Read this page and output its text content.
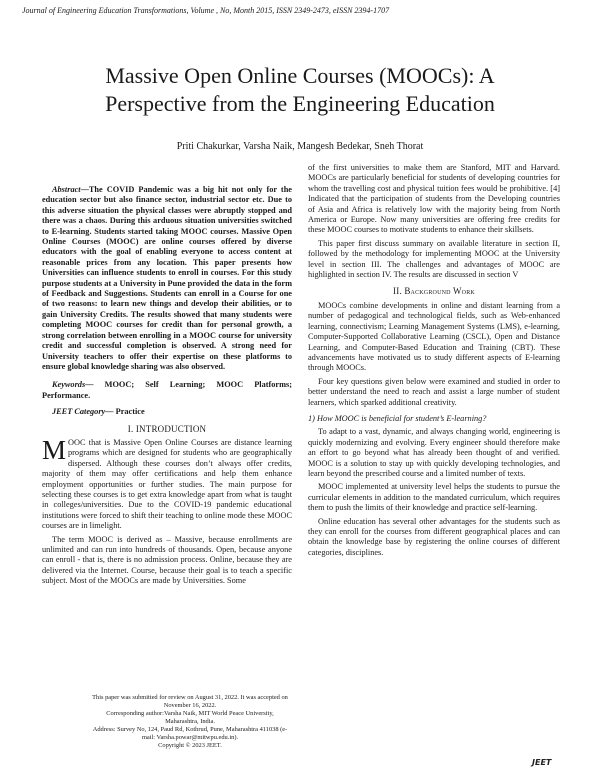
Journal of Engineering Education Transformations, Volume , No, Month 2015, ISSN 2349-2473, eISSN 2394-1707
Massive Open Online Courses (MOOCs): A
Perspective from the Engineering Education
Priti Chakurkar, Varsha Naik, Mangesh Bedekar, Sneh Thorat

Abstract—The COVID Pandemic was a big hit not only for the education sector but also finance sector, industrial sector etc. Due to this adverse situation the physical classes were abruptly stopped and there was a chaos. During this arduous situation universities switched to E-learning. Students started taking MOOC courses. Massive Open Online Courses (MOOC) are online courses offered by diverse educators with the goal of enabling everyone to access content at reasonable prices from any location. This paper presents how Universities can influence students to enroll in courses. For this study purpose students at a University in Pune provided the data in the form of Feedback and Suggestions. Students can enroll in a Course for one of two reasons: to learn new things and develop their abilities, or to gain University Credits. The results showed that many students were completing MOOC courses for credit than for personal growth, a strong correlation between enrolling in a MOOC course for university credit and successful completion is observed. A strong need for University teachers to offer their expertise on these platforms to ensure global knowledge sharing was also observed.

Keywords— MOOC; Self Learning; MOOC Platforms; Performance.

JEET Category— Practice

I. INTRODUCTION

MOOC that is Massive Open Online Courses are distance learning programs which are designed for students who are geographically dispersed. Although these courses don’t always offer credits, majority of them may offer certifications and help them enhance employment opportunities or further studies. The main purpose for selecting these courses is to get extra knowledge apart from what is taught in colleges/universities. Due to the COVID-19 pandemic educational institutions were forced to shift their teaching to online mode these MOOC courses are in limelight.

The term MOOC is derived as – Massive, because enrollments are unlimited and can run into hundreds of thousands. Open, because anyone can enroll - that is, there is no admission process. Online, because they are delivered via the Internet. Course, because their goal is to teach a specific subject. Most of the MOOCs are made by Universities. Some

This paper was submitted for review on August 31, 2022. It was accepted on November 16, 2022.
Corresponding author:Varsha Naik, MIT World Peace University, Maharashtra, India.
Address: Survey No, 124, Paud Rd, Kothrud, Pune, Maharashtra 411038 (e-mail: Varsha.powar@mitwpu.edu.in).
Copyright © 2023 JEET.

of the first universities to make them are Stanford, MIT and Harvard. MOOCs are particularly beneficial for students of developing countries for whom the travelling cost and physical tuition fees would be prohibitive. [4] Indicated that the participation of students from the Developing countries of Asia and Africa is relatively low with the majority being from North America or Europe. Now many universities are offering free credits for these MOOC courses to motivate students to enhance their skillsets.

This paper first discuss summary on available literature in section II, followed by the methodology for implementing MOOC at the University level in section III. The challenges and advantages of MOOC are highlighted in section IV. The results are discussed in section V

II. Background Work

MOOCs combine developments in online and distant learning from a number of pedagogical and technological fields, such as Web-enhanced learning, connectivism; Learning Management Systems (LMS), e-learning, Computer-Supported Collaborative Learning (CSCL), Open and Distance Learning, and Computer-Based Education and Training (CBT). These advancements have motivated us to study different aspects of E-learning through MOOCs.

Four key questions given below were examined and studied in order to better understand the need to reach and assist a large number of student learners, which sparked additional creativity.

1) How MOOC is beneficial for student’s E-learning?

To adapt to a vast, dynamic, and always changing world, engineering is quickly modernizing and evolving. Every engineer should therefore make an effort to go beyond what has already been thought of and verified. MOOC is a solution to stay up with quickly developing technologies, and learn beyond the prescribed course and a limited number of texts.

MOOC implemented at university level helps the students to pursue the curricular elements in addition to the mandated curriculum, which requires them to push the limits of their knowledge and practice self-learning.

Online education has several other advantages for the students such as they can enroll for the courses from different geographical places and can obtain the knowledge base by registering the online courses of different categories, disciplines.

JEET
